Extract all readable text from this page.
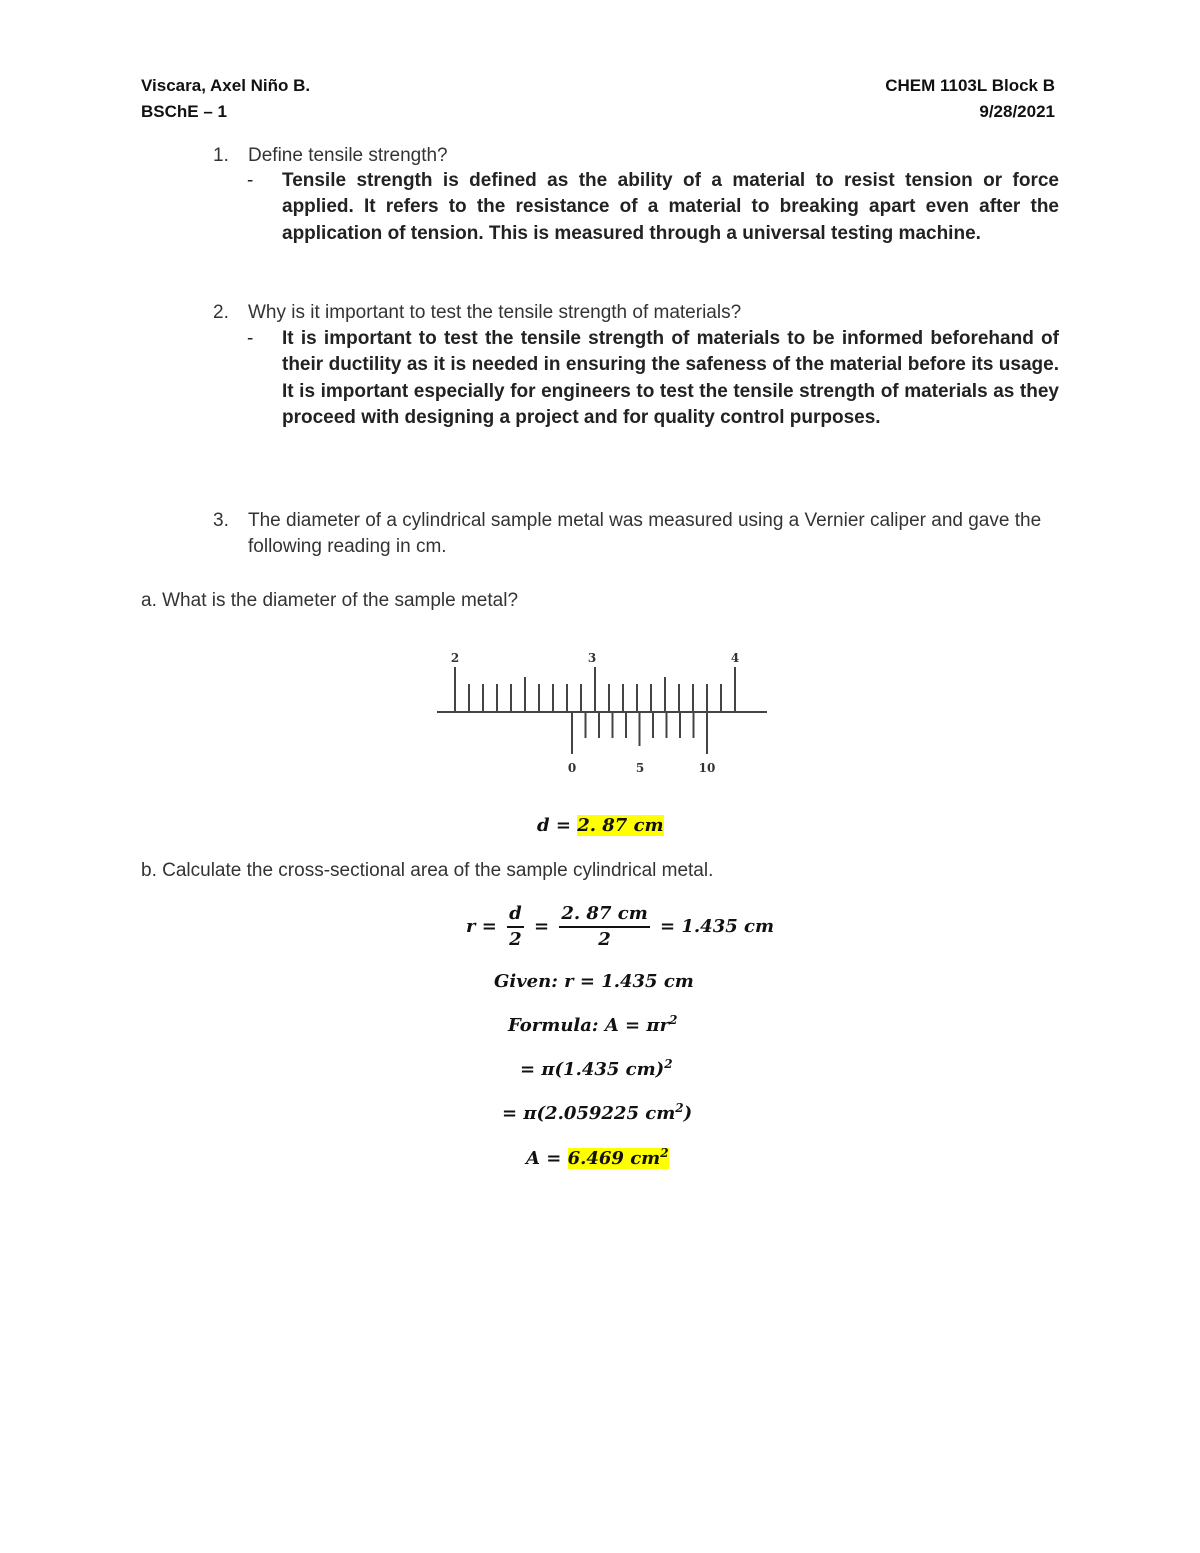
Viscara, Axel Niño B.
BSChE – 1
CHEM 1103L Block B
9/28/2021
1. Define tensile strength?
- Tensile strength is defined as the ability of a material to resist tension or force applied. It refers to the resistance of a material to breaking apart even after the application of tension. This is measured through a universal testing machine.
2. Why is it important to test the tensile strength of materials?
- It is important to test the tensile strength of materials to be informed beforehand of their ductility as it is needed in ensuring the safeness of the material before its usage. It is important especially for engineers to test the tensile strength of materials as they proceed with designing a project and for quality control purposes.
3. The diameter of a cylindrical sample metal was measured using a Vernier caliper and gave the following reading in cm.
a. What is the diameter of the sample metal?
2	3	4
0	5	10
d = 2. 87 cm
b. Calculate the cross-sectional area of the sample cylindrical metal.
$r = \frac{d}{2} = \frac{2. 87 cm}{2} = 1.435$ cm
Given: r = 1.435 cm
Formula: $A = \pi r^2$
= π(1.435 cm)$^2$
= π(2.059225 $cm^2$)
A = 6.469 $cm^2$
